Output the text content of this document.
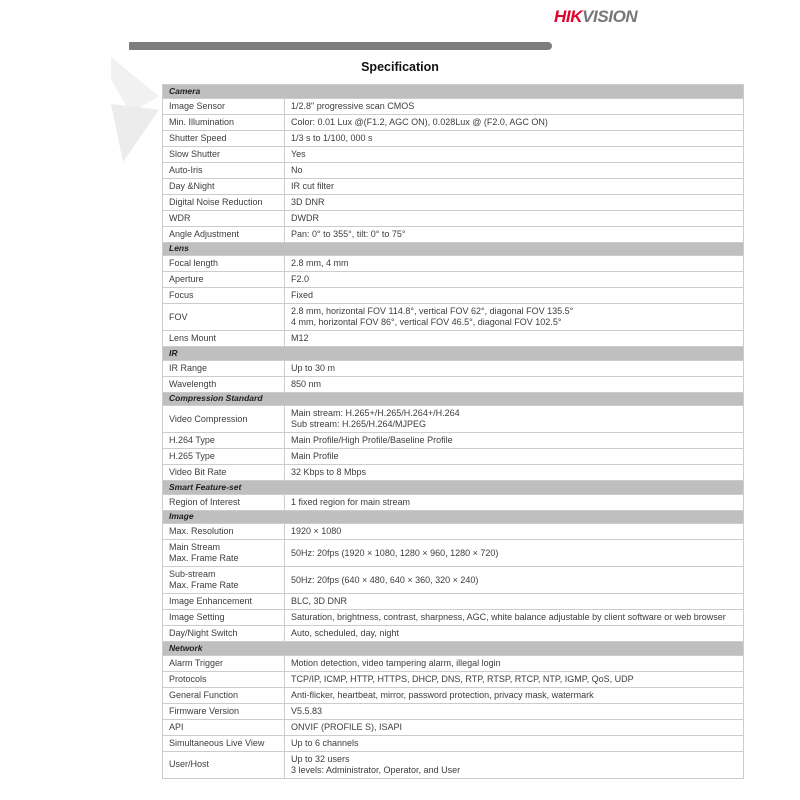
HIKVISION
Specification
Camera	

Image Sensor	1/2.8" progressive scan CMOS

Min. Illumination	Color: 0.01 Lux @(F1.2, AGC ON), 0.028Lux @ (F2.0, AGC ON)

Shutter Speed	1/3 s to 1/100, 000 s

Slow Shutter	Yes

Auto-Iris	No

Day &Night	IR cut filter

Digital Noise Reduction	3D DNR

WDR	DWDR

Angle Adjustment	Pan: 0° to 355°, tilt: 0° to 75°

Lens	

Focal length	2.8 mm, 4 mm

Aperture	F2.0

Focus	Fixed

FOV	2.8 mm, horizontal FOV 114.8°, vertical FOV 62°, diagonal FOV 135.5°
4 mm, horizontal FOV 86°, vertical FOV 46.5°, diagonal FOV 102.5°

Lens Mount	M12

IR	

IR Range	Up to 30 m

Wavelength	850 nm

Compression Standard	

Video Compression	Main stream: H.265+/H.265/H.264+/H.264
Sub stream: H.265/H.264/MJPEG

H.264 Type	Main Profile/High Profile/Baseline Profile

H.265 Type	Main Profile

Video Bit Rate	32 Kbps to 8 Mbps

Smart Feature-set	

Region of Interest	1 fixed region for main stream

Image	

Max. Resolution	1920 × 1080

Main Stream
Max. Frame Rate	50Hz: 20fps (1920 × 1080, 1280 × 960, 1280 × 720)

Sub-stream
Max. Frame Rate	50Hz: 20fps (640 × 480, 640 × 360, 320 × 240)

Image Enhancement	BLC, 3D DNR

Image Setting	Saturation, brightness, contrast, sharpness, AGC, white balance adjustable by client software or web browser

Day/Night Switch	Auto, scheduled, day, night

Network	

Alarm Trigger	Motion detection, video tampering alarm, illegal login

Protocols	TCP/IP, ICMP, HTTP, HTTPS, DHCP, DNS, RTP, RTSP, RTCP, NTP, IGMP, QoS, UDP

General Function	Anti-flicker, heartbeat, mirror, password protection, privacy mask, watermark

Firmware Version	V5.5.83

API	ONVIF (PROFILE S), ISAPI

Simultaneous Live View	Up to 6 channels

User/Host	Up to 32 users
3 levels: Administrator, Operator, and User
